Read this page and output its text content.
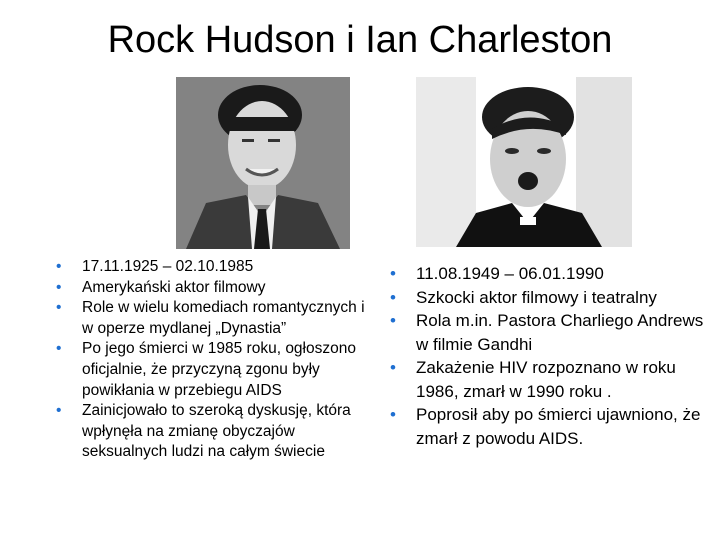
Rock Hudson i Ian Charleston
• 17.11.1925 – 02.10.1985
• Amerykański aktor filmowy
• Role w wielu komediach romantycznych i w operze mydlanej „Dynastia”
• Po jego śmierci w 1985 roku, ogłoszono oficjalnie, że przyczyną zgonu były powikłania w przebiegu AIDS
• Zainicjowało to szeroką dyskusję, która wpłynęła na zmianę obyczajów seksualnych ludzi na całym świecie
• 11.08.1949 – 06.01.1990
• Szkocki aktor filmowy i teatralny
• Rola m.in. Pastora Charliego Andrews w filmie Gandhi
• Zakażenie HIV rozpoznano w roku 1986, zmarł w 1990 roku .
• Poprosił aby po śmierci ujawniono, że zmarł z powodu AIDS.
